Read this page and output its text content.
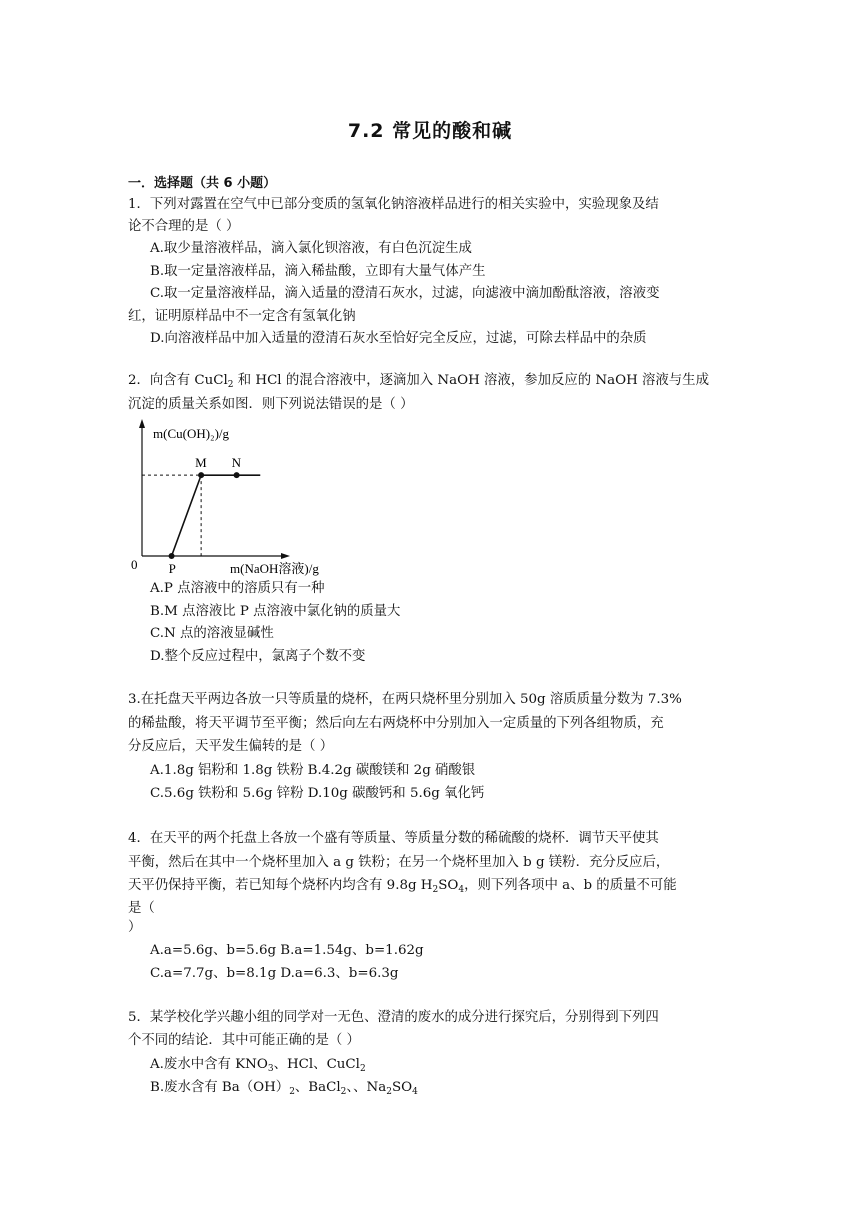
7.2 常见的酸和碱
一．选择题（共 6 小题）
1．下列对露置在空气中已部分变质的氢氧化钠溶液样品进行的相关实验中，实验现象及结
论不合理的是（ ）
A.取少量溶液样品，滴入氯化钡溶液，有白色沉淀生成
B.取一定量溶液样品，滴入稀盐酸，立即有大量气体产生
C.取一定量溶液样品，滴入适量的澄清石灰水，过滤，向滤液中滴加酚酞溶液，溶液变
红，证明原样品中不一定含有氢氧化钠
D.向溶液样品中加入适量的澄清石灰水至恰好完全反应，过滤，可除去样品中的杂质
2．向含有 CuCl$_2$ 和 HCl 的混合溶液中，逐滴加入 NaOH 溶液，参加反应的 NaOH 溶液与生成
沉淀的质量关系如图．则下列说法错误的是（ ）
m(Cu(OH)₂)/g
m(NaOH溶液)/g
0 P
M N
A.P 点溶液中的溶质只有一种
B.M 点溶液比 P 点溶液中氯化钠的质量大
C.N 点的溶液显碱性
D.整个反应过程中，氯离子个数不变
3.在托盘天平两边各放一只等质量的烧杯，在两只烧杯里分别加入 50g 溶质质量分数为 7.3%
的稀盐酸，将天平调节至平衡；然后向左右两烧杯中分别加入一定质量的下列各组物质，充
分反应后，天平发生偏转的是（ ）
A.1.8g 铝粉和 1.8g 铁粉 B.4.2g 碳酸镁和 2g 硝酸银
C.5.6g 铁粉和 5.6g 锌粉 D.10g 碳酸钙和 5.6g 氧化钙
4．在天平的两个托盘上各放一个盛有等质量、等质量分数的稀硫酸的烧杯．调节天平使其
平衡，然后在其中一个烧杯里加入 a g 铁粉；在另一个烧杯里加入 b g 镁粉．充分反应后，
天平仍保持平衡，若已知每个烧杯内均含有 9.8g $H_2SO_4$，则下列各项中 a、b 的质量不可能
是（
）
A.a=5.6g、b=5.6g B.a=1.54g、b=1.62g
C.a=7.7g、b=8.1g D.a=6.3、b=6.3g
5．某学校化学兴趣小组的同学对一无色、澄清的废水的成分进行探究后，分别得到下列四
个不同的结论．其中可能正确的是（ ）
A.废水中含有 $KNO_3$、HCl、CuCl$_2$
B.废水含有 $Ba(OH)_2$、BaCl$_2$、、$Na_2SO_4$
